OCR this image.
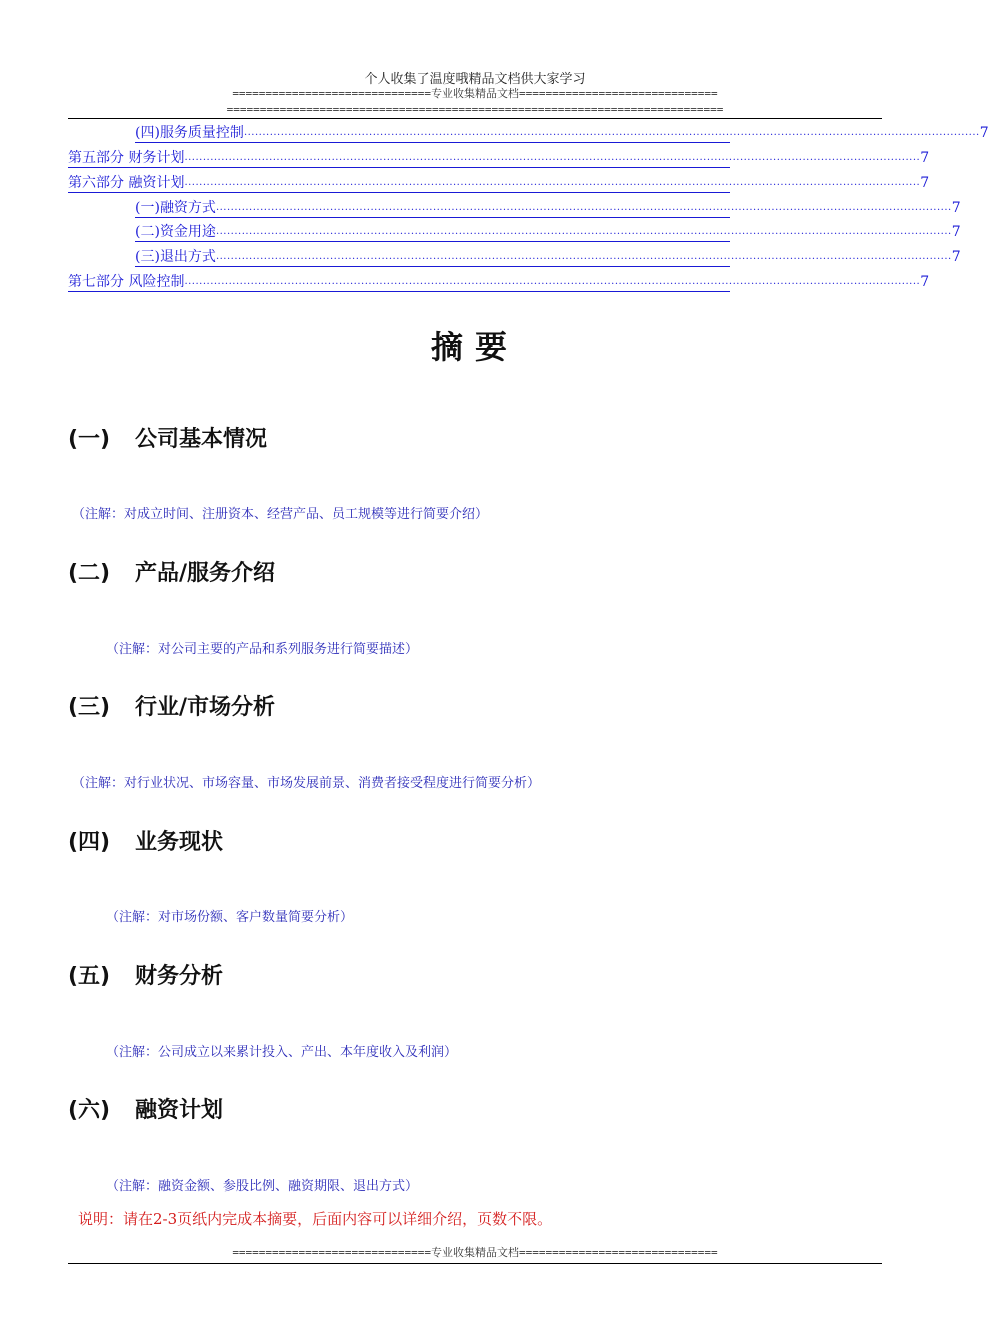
个人收集了温度哦精品文档供大家学习
==============================专业收集精品文档==============================
===========================================================================
(四) 服务质量控制 ........................................................................................................................................................................................................ 7
第五部分 财务计划 ........................................................................................................................................................................................................ 7
第六部分 融资计划 ........................................................................................................................................................................................................ 7
(一) 融资方式 ........................................................................................................................................................................................................ 7
(二) 资金用途 ........................................................................................................................................................................................................ 7
(三) 退出方式 ........................................................................................................................................................................................................ 7
第七部分 风险控制 ........................................................................................................................................................................................................ 7
摘要
(一) 公司基本情况
（注解：对成立时间、注册资本、经营产品、员工规模等进行简要介绍）
(二) 产品/服务介绍
（注解：对公司主要的产品和系列服务进行简要描述）
(三) 行业/市场分析
（注解：对行业状况、市场容量、市场发展前景、消费者接受程度进行简要分析）
(四) 业务现状
（注解：对市场份额、客户数量简要分析）
(五) 财务分析
（注解：公司成立以来累计投入、产出、本年度收入及利润）
(六) 融资计划
（注解：融资金额、参股比例、融资期限、退出方式）
说明：请在2-3页纸内完成本摘要，后面内容可以详细介绍，页数不限。
==============================专业收集精品文档==============================
